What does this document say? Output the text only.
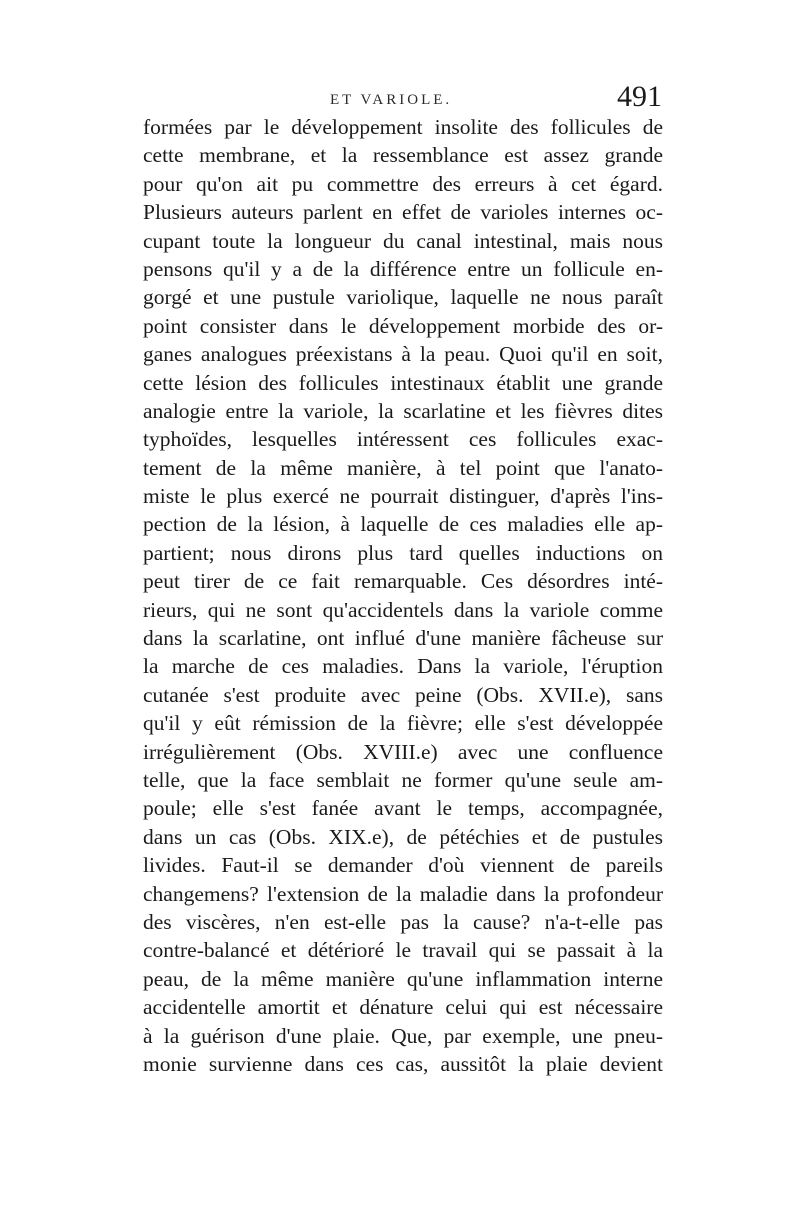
ET VARIOLE.	491
formées par le développement insolite des follicules de
cette membrane, et la ressemblance est assez grande
pour qu'on ait pu commettre des erreurs à cet égard.
Plusieurs auteurs parlent en effet de varioles internes oc-
cupant toute la longueur du canal intestinal, mais nous
pensons qu'il y a de la différence entre un follicule en-
gorgé et une pustule variolique, laquelle ne nous paraît
point consister dans le développement morbide des or-
ganes analogues préexistans à la peau. Quoi qu'il en soit,
cette lésion des follicules intestinaux établit une grande
analogie entre la variole, la scarlatine et les fièvres dites
typhoïdes, lesquelles intéressent ces follicules exac-
tement de la même manière, à tel point que l'anato-
miste le plus exercé ne pourrait distinguer, d'après l'ins-
pection de la lésion, à laquelle de ces maladies elle ap-
partient; nous dirons plus tard quelles inductions on
peut tirer de ce fait remarquable. Ces désordres inté-
rieurs, qui ne sont qu'accidentels dans la variole comme
dans la scarlatine, ont influé d'une manière fâcheuse sur
la marche de ces maladies. Dans la variole, l'éruption
cutanée s'est produite avec peine (Obs. XVII.e), sans
qu'il y eût rémission de la fièvre; elle s'est développée
irrégulièrement (Obs. XVIII.e) avec une confluence
telle, que la face semblait ne former qu'une seule am-
poule; elle s'est fanée avant le temps, accompagnée,
dans un cas (Obs. XIX.e), de pétéchies et de pustules
livides. Faut-il se demander d'où viennent de pareils
changemens? l'extension de la maladie dans la profondeur
des viscères, n'en est-elle pas la cause? n'a-t-elle pas
contre-balancé et détérioré le travail qui se passait à la
peau, de la même manière qu'une inflammation interne
accidentelle amortit et dénature celui qui est nécessaire
à la guérison d'une plaie. Que, par exemple, une pneu-
monie survienne dans ces cas, aussitôt la plaie devient
